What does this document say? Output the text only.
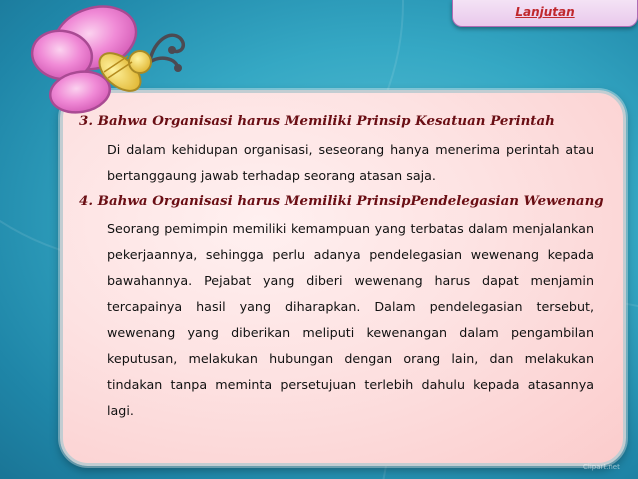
Lanjutan

3. Bahwa Organisasi harus Memiliki Prinsip Kesatuan Perintah

Di dalam kehidupan organisasi, seseorang hanya menerima perintah atau bertanggaung jawab terhadap seorang atasan saja.

4. Bahwa Organisasi harus Memiliki PrinsipPendelegasian Wewenang

Seorang pemimpin memiliki kemampuan yang terbatas dalam menjalankan pekerjaannya, sehingga perlu adanya pendelegasian wewenang kepada bawahannya. Pejabat yang diberi wewenang harus dapat menjamin tercapainya hasil yang diharapkan. Dalam pendelegasian tersebut, wewenang yang diberikan meliputi kewenangan dalam pengambilan keputusan, melakukan hubungan dengan orang lain, dan melakukan tindakan tanpa meminta persetujuan terlebih dahulu kepada atasannya lagi.

Clipart.net
